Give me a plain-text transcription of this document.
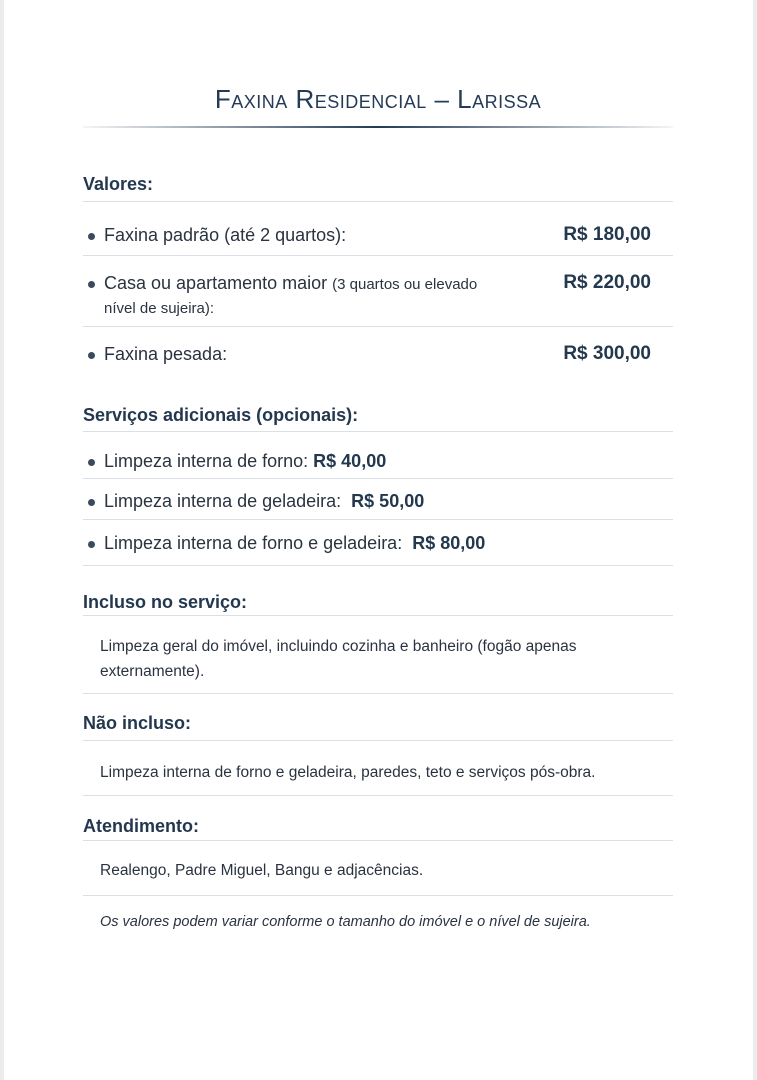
Faxina Residencial – Larissa
Valores:
Faxina padrão (até 2 quartos):	R$ 180,00
Casa ou apartamento maior (3 quartos ou elevado
nível de sujeira):
R$ 220,00
Faxina pesada:	R$ 300,00
Serviços adicionais (opcionais):
Limpeza interna de forno: R$ 40,00
Limpeza interna de geladeira: R$ 50,00
Limpeza interna de forno e geladeira: R$ 80,00
Incluso no serviço:
Limpeza geral do imóvel, incluindo cozinha e banheiro (fogão apenas
externamente).
Não incluso:
Limpeza interna de forno e geladeira, paredes, teto e serviços pós-obra.
Atendimento:
Realengo, Padre Miguel, Bangu e adjacências.
Os valores podem variar conforme o tamanho do imóvel e o nível de sujeira.
